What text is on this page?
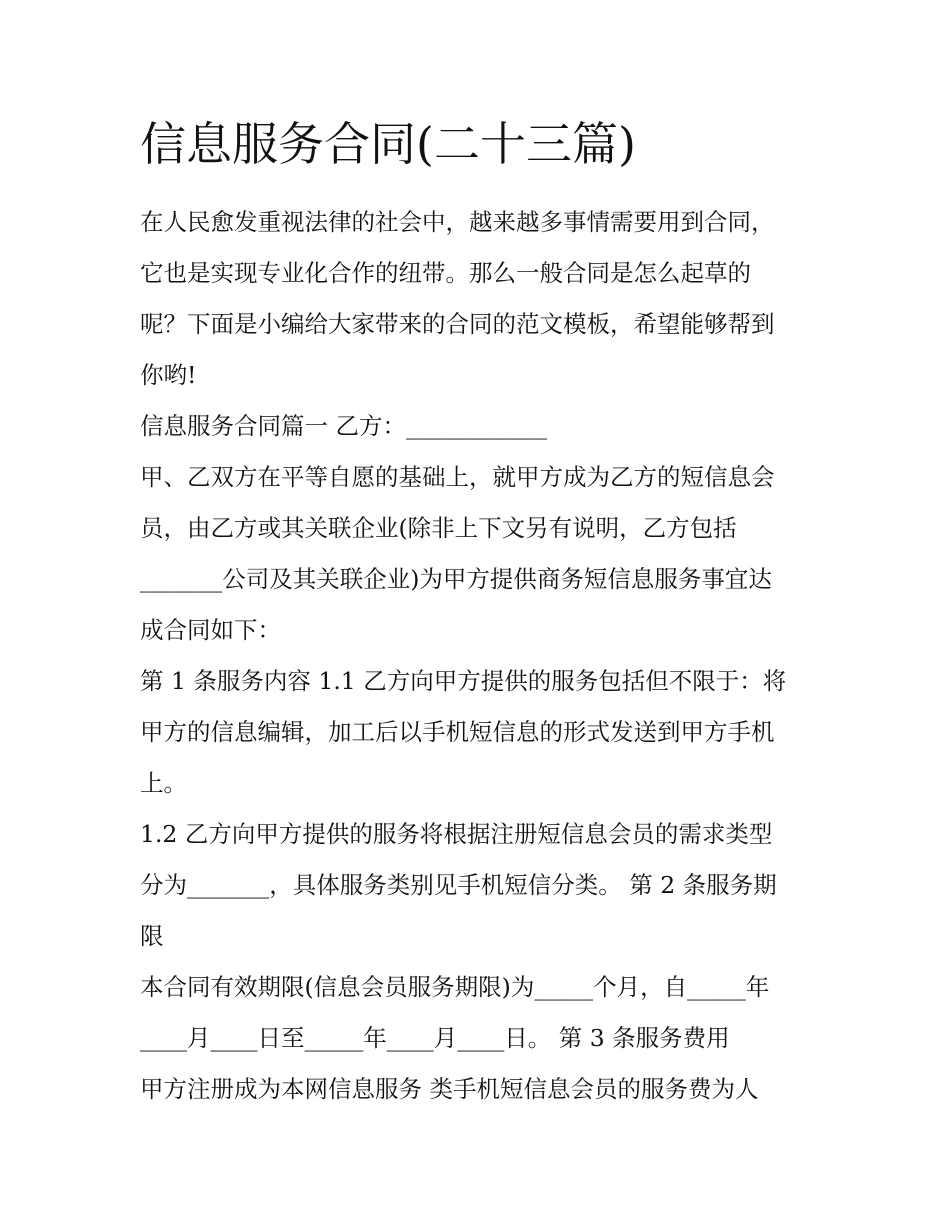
信息服务合同(二十三篇)
在人民愈发重视法律的社会中，越来越多事情需要用到合同，
它也是实现专业化合作的纽带。那么一般合同是怎么起草的
呢？下面是小编给大家带来的合同的范文模板，希望能够帮到
你哟!
信息服务合同篇一 乙方：____________
甲、乙双方在平等自愿的基础上，就甲方成为乙方的短信息会
员，由乙方或其关联企业(除非上下文另有说明，乙方包括
_______公司及其关联企业)为甲方提供商务短信息服务事宜达
成合同如下：
第 1 条服务内容 1.1 乙方向甲方提供的服务包括但不限于：将
甲方的信息编辑，加工后以手机短信息的形式发送到甲方手机
上。
1.2 乙方向甲方提供的服务将根据注册短信息会员的需求类型
分为_______，具体服务类别见手机短信分类。 第 2 条服务期
限
本合同有效期限(信息会员服务期限)为_____个月，自_____年
____月____日至_____年____月____日。 第 3 条服务费用
甲方注册成为本网信息服务 类手机短信息会员的服务费为人
